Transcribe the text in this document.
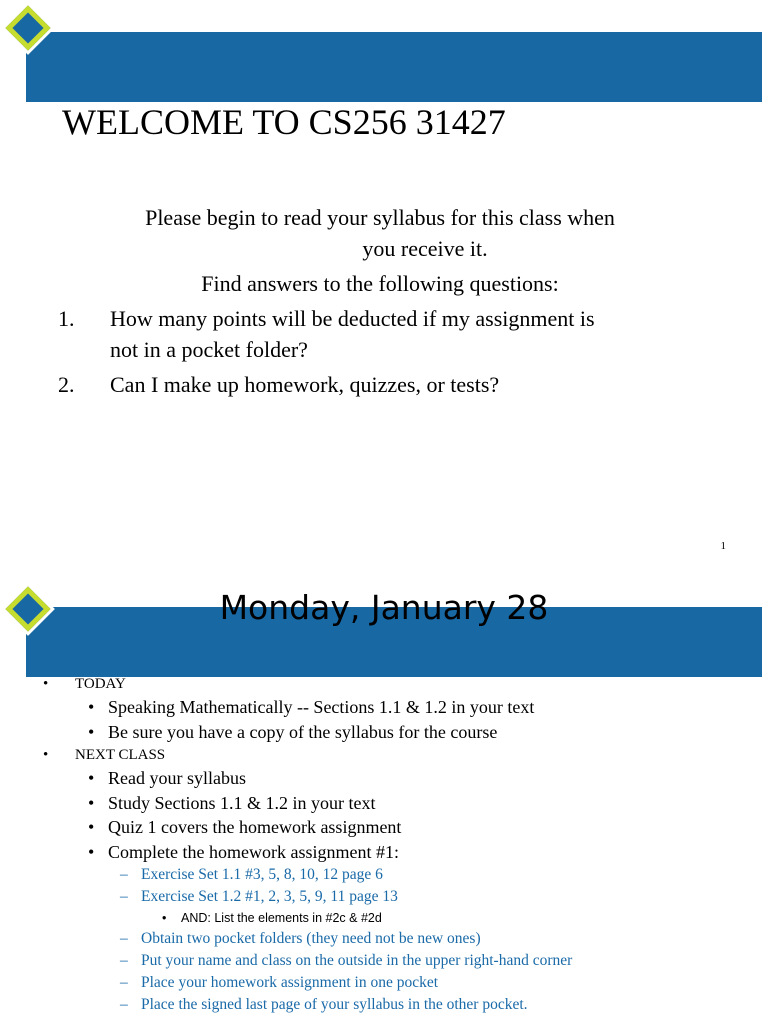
WELCOME TO CS256 31427

Please begin to read your syllabus for this class when

you receive it.

Find answers to the following questions:

1. How many points will be deducted if my assignment is
not in a pocket folder?
2. Can I make up homework, quizzes, or tests?
1
Monday, January 28
• TODAY
• Speaking Mathematically -- Sections 1.1 & 1.2 in your text
• Be sure you have a copy of the syllabus for the course
• NEXT CLASS
• Read your syllabus
• Study Sections 1.1 & 1.2 in your text
• Quiz 1 covers the homework assignment
• Complete the homework assignment #1:
– Exercise Set 1.1 #3, 5, 8, 10, 12 page 6
– Exercise Set 1.2 #1, 2, 3, 5, 9, 11 page 13
• AND: List the elements in #2c & #2d
– Obtain two pocket folders (they need not be new ones)
– Put your name and class on the outside in the upper right-hand corner
– Place your homework assignment in one pocket
– Place the signed last page of your syllabus in the other pocket.
